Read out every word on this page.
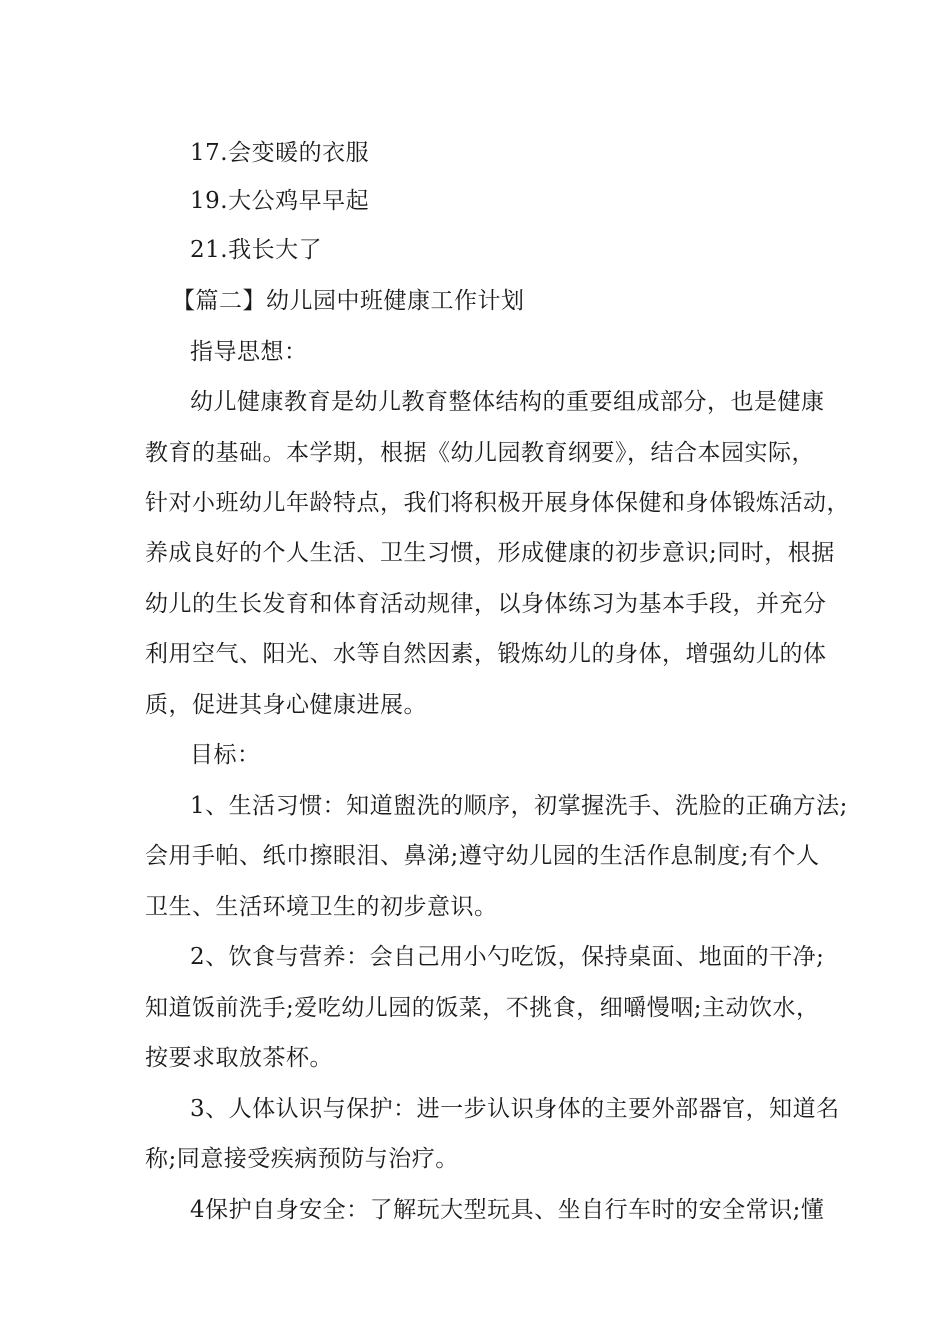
17.会变暖的衣服
19.大公鸡早早起
21.我长大了
【篇二】幼儿园中班健康工作计划
指导思想：
幼儿健康教育是幼儿教育整体结构的重要组成部分，也是健康
教育的基础。本学期，根据《幼儿园教育纲要》，结合本园实际，
针对小班幼儿年龄特点，我们将积极开展身体保健和身体锻炼活动，
养成良好的个人生活、卫生习惯，形成健康的初步意识;同时，根据
幼儿的生长发育和体育活动规律，以身体练习为基本手段，并充分
利用空气、阳光、水等自然因素，锻炼幼儿的身体，增强幼儿的体
质，促进其身心健康进展。
目标：
1、生活习惯：知道盥洗的顺序，初掌握洗手、洗脸的正确方法;
会用手帕、纸巾擦眼泪、鼻涕;遵守幼儿园的生活作息制度;有个人
卫生、生活环境卫生的初步意识。
2、饮食与营养：会自己用小勺吃饭，保持桌面、地面的干净;
知道饭前洗手;爱吃幼儿园的饭菜，不挑食，细嚼慢咽;主动饮水，
按要求取放茶杯。
3、人体认识与保护：进一步认识身体的主要外部器官，知道名
称;同意接受疾病预防与治疗。
4保护自身安全：了解玩大型玩具、坐自行车时的安全常识;懂
